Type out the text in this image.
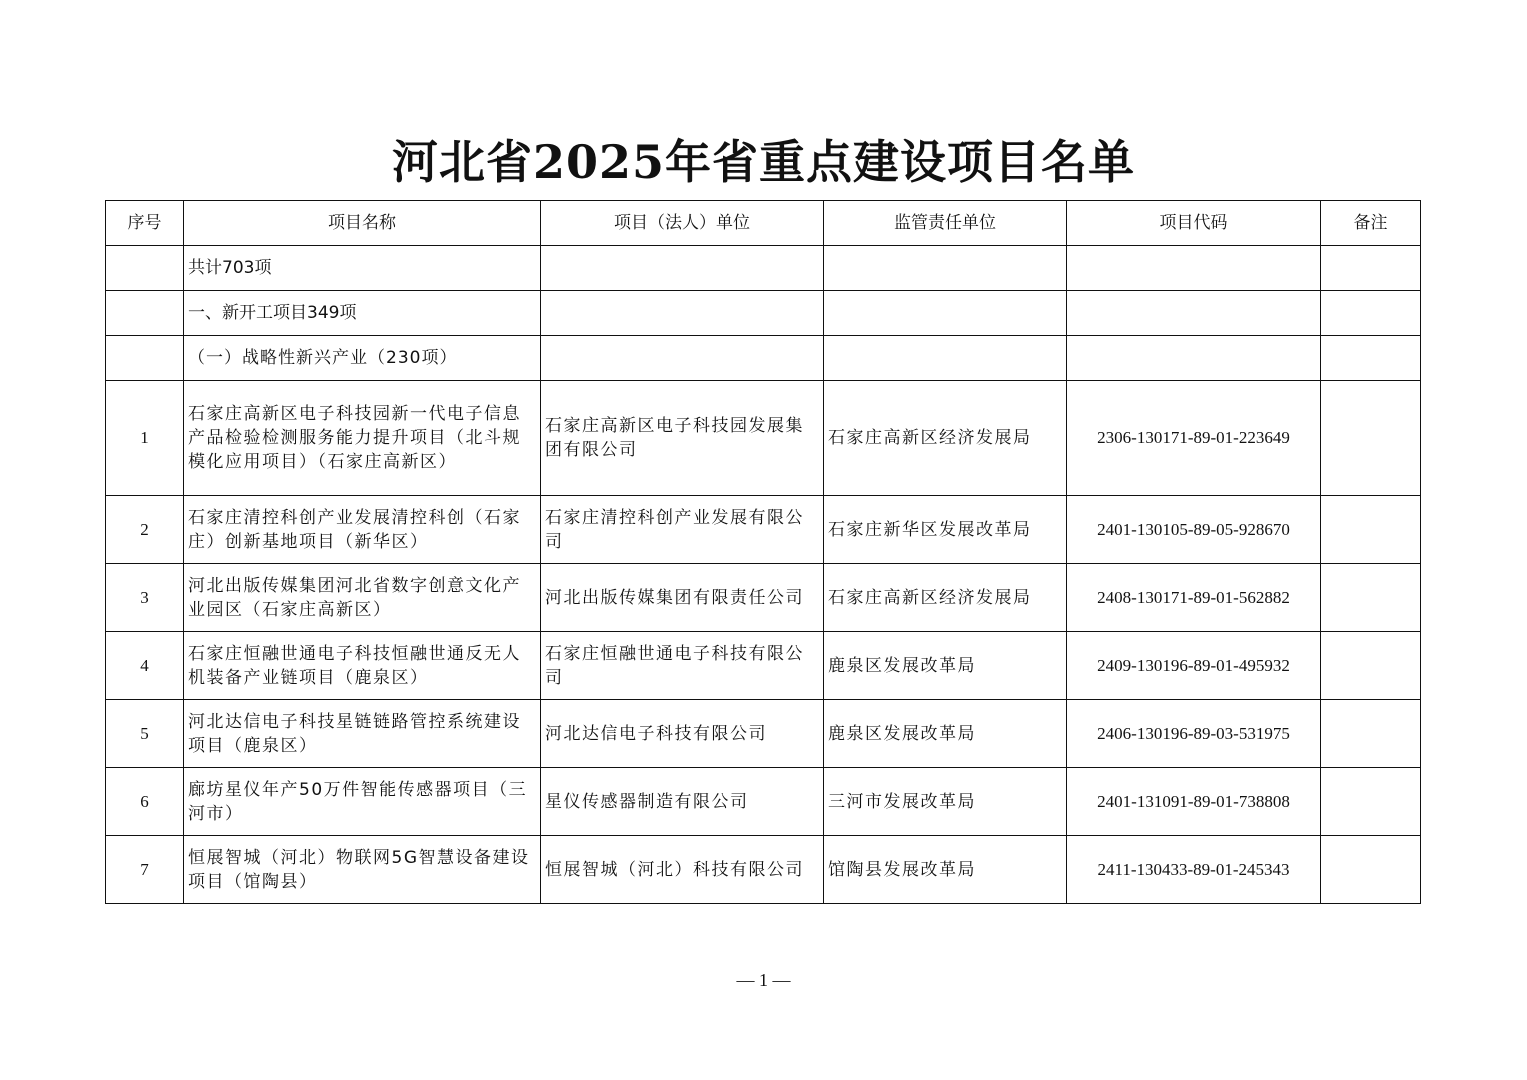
河北省2025年省重点建设项目名单
序号	项目名称	项目（法人）单位	监管责任单位	项目代码	备注
	共计703项				
	一、新开工项目349项				
	（一）战略性新兴产业（230项）				
1	石家庄高新区电子科技园新一代电子信息产品检验检测服务能力提升项目（北斗规模化应用项目）（石家庄高新区）	石家庄高新区电子科技园发展集团有限公司	石家庄高新区经济发展局	2306-130171-89-01-223649	
2	石家庄清控科创产业发展清控科创（石家庄）创新基地项目（新华区）	石家庄清控科创产业发展有限公司	石家庄新华区发展改革局	2401-130105-89-05-928670	
3	河北出版传媒集团河北省数字创意文化产业园区（石家庄高新区）	河北出版传媒集团有限责任公司	石家庄高新区经济发展局	2408-130171-89-01-562882	
4	石家庄恒融世通电子科技恒融世通反无人机装备产业链项目（鹿泉区）	石家庄恒融世通电子科技有限公司	鹿泉区发展改革局	2409-130196-89-01-495932	
5	河北达信电子科技星链链路管控系统建设项目（鹿泉区）	河北达信电子科技有限公司	鹿泉区发展改革局	2406-130196-89-03-531975	
6	廊坊星仪年产50万件智能传感器项目（三河市）	星仪传感器制造有限公司	三河市发展改革局	2401-131091-89-01-738808	
7	恒展智城（河北）物联网5G智慧设备建设项目（馆陶县）	恒展智城（河北）科技有限公司	馆陶县发展改革局	2411-130433-89-01-245343	
— 1 —
